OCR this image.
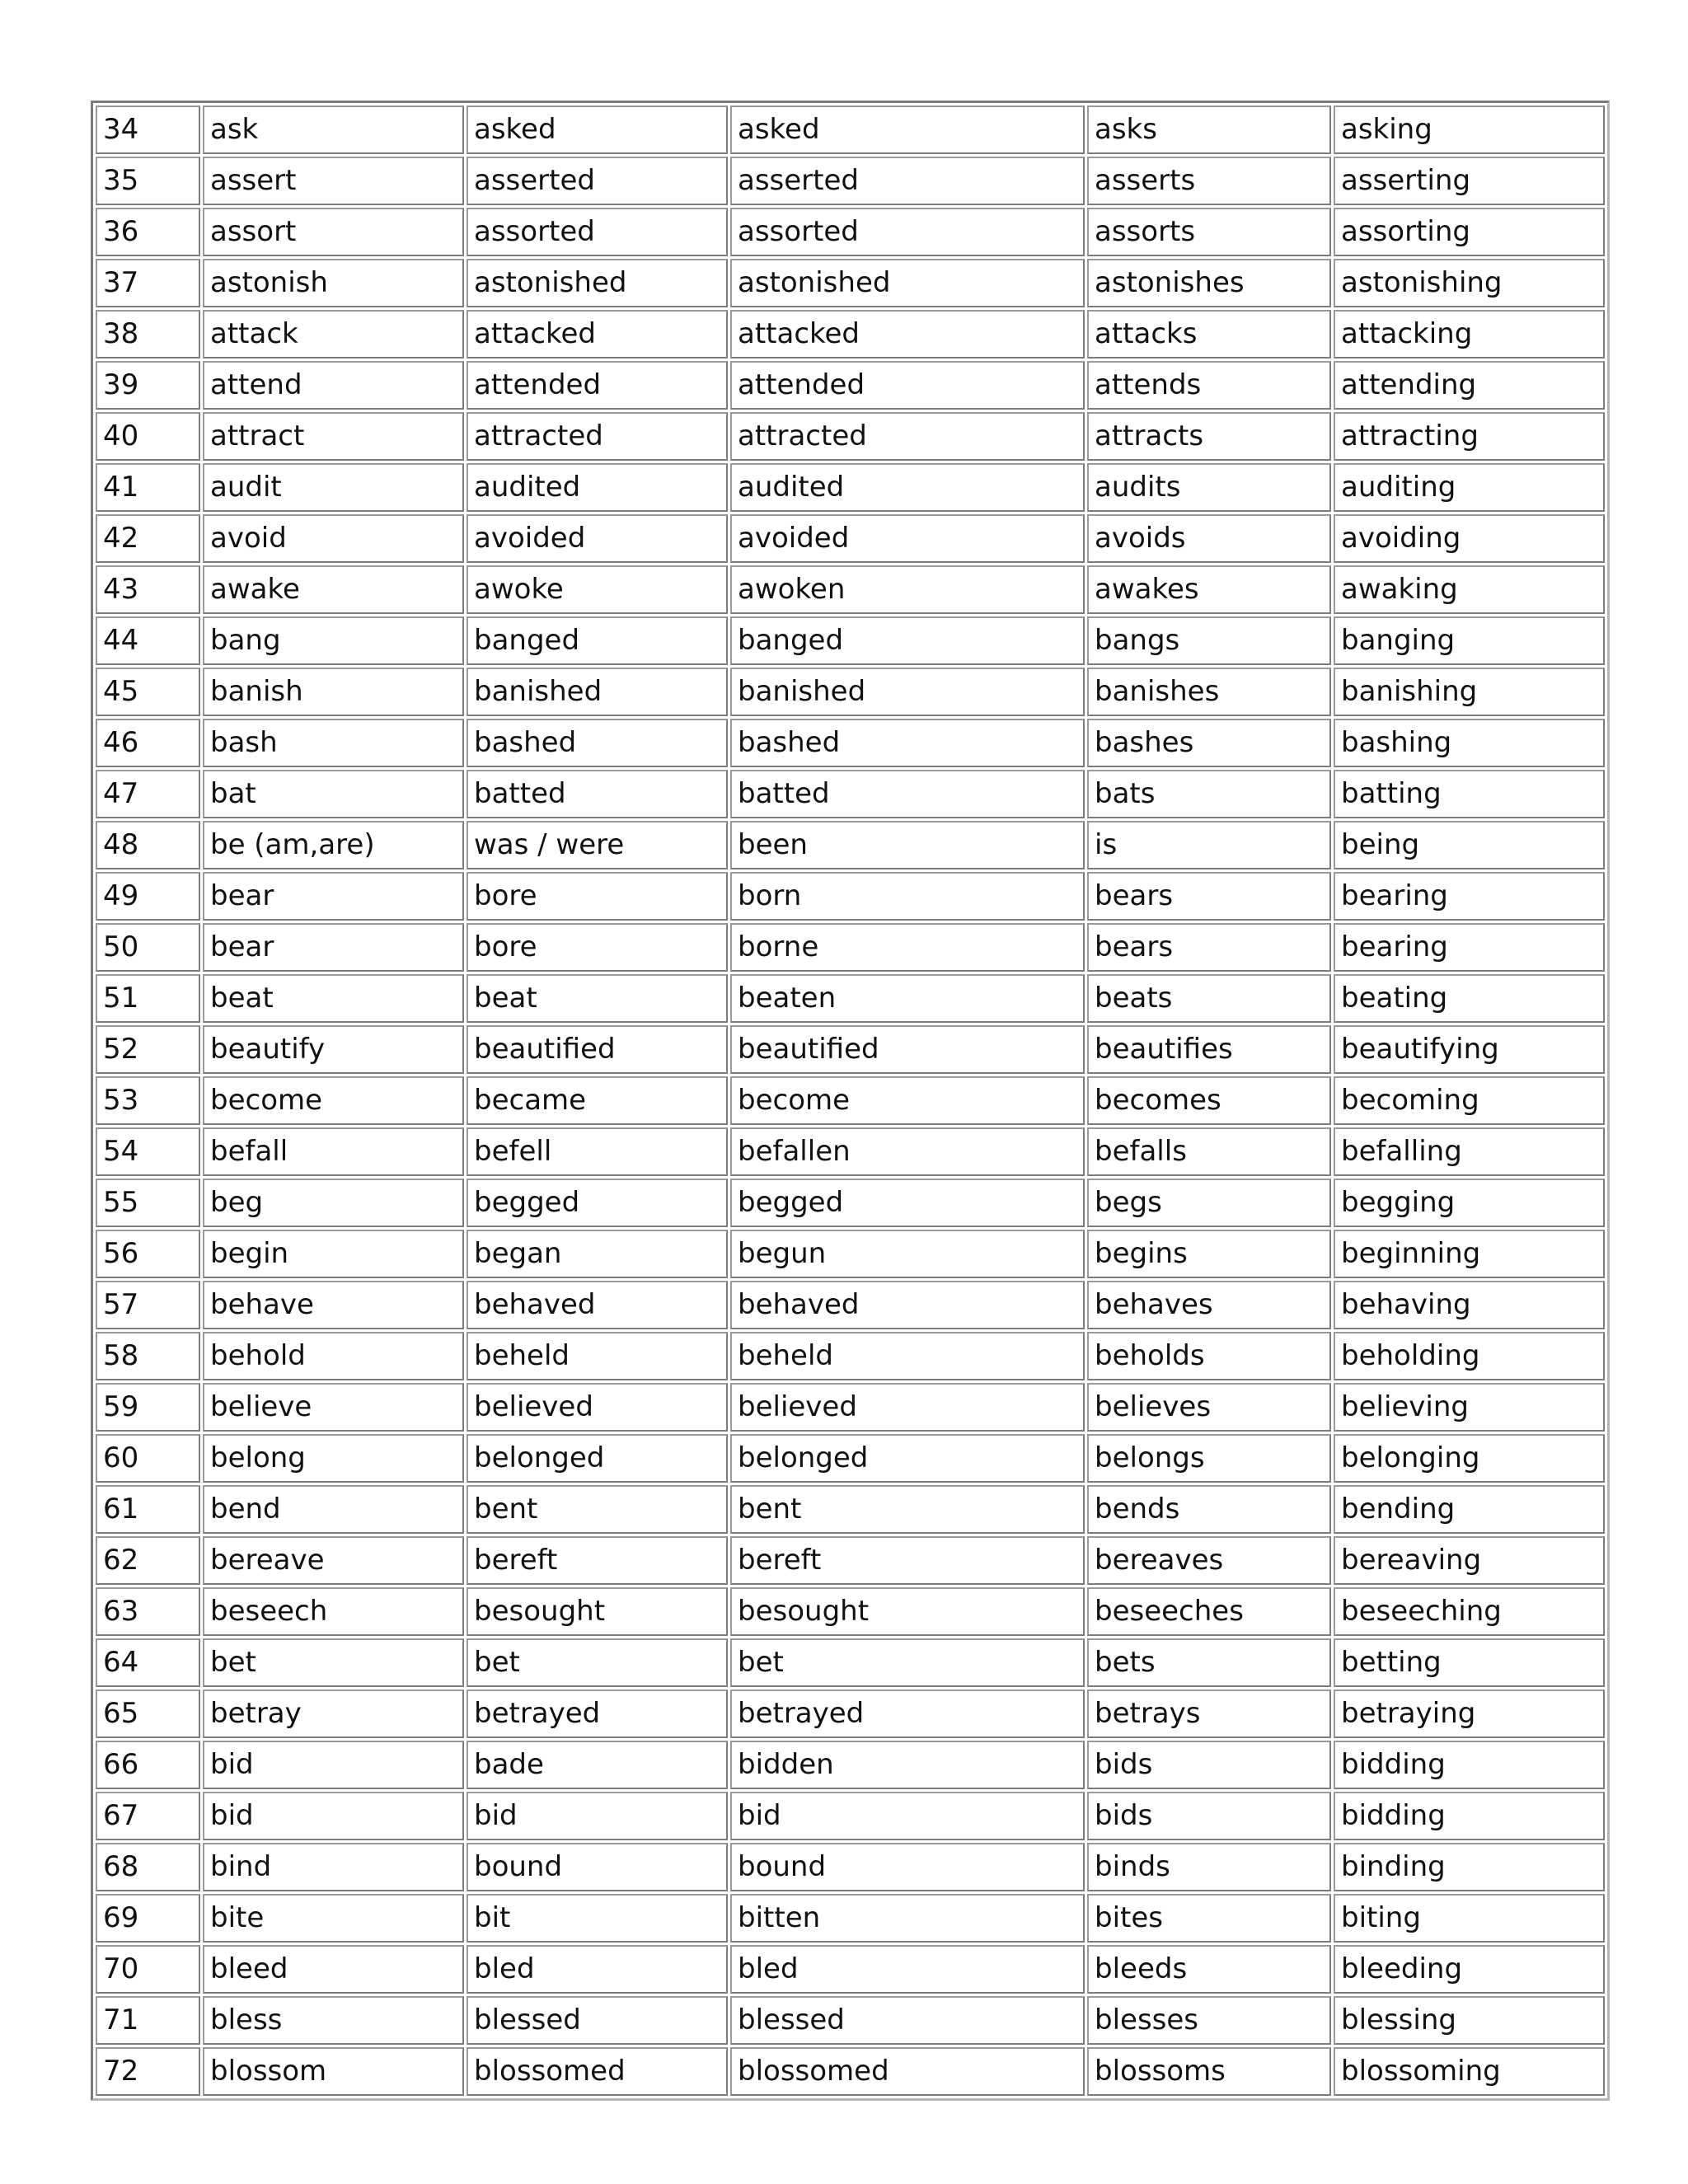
34	ask	asked	asked	asks	asking
35	assert	asserted	asserted	asserts	asserting
36	assort	assorted	assorted	assorts	assorting
37	astonish	astonished	astonished	astonishes	astonishing
38	attack	attacked	attacked	attacks	attacking
39	attend	attended	attended	attends	attending
40	attract	attracted	attracted	attracts	attracting
41	audit	audited	audited	audits	auditing
42	avoid	avoided	avoided	avoids	avoiding
43	awake	awoke	awoken	awakes	awaking
44	bang	banged	banged	bangs	banging
45	banish	banished	banished	banishes	banishing
46	bash	bashed	bashed	bashes	bashing
47	bat	batted	batted	bats	batting
48	be (am,are)	was / were	been	is	being
49	bear	bore	born	bears	bearing
50	bear	bore	borne	bears	bearing
51	beat	beat	beaten	beats	beating
52	beautify	beautified	beautified	beautifies	beautifying
53	become	became	become	becomes	becoming
54	befall	befell	befallen	befalls	befalling
55	beg	begged	begged	begs	begging
56	begin	began	begun	begins	beginning
57	behave	behaved	behaved	behaves	behaving
58	behold	beheld	beheld	beholds	beholding
59	believe	believed	believed	believes	believing
60	belong	belonged	belonged	belongs	belonging
61	bend	bent	bent	bends	bending
62	bereave	bereft	bereft	bereaves	bereaving
63	beseech	besought	besought	beseeches	beseeching
64	bet	bet	bet	bets	betting
65	betray	betrayed	betrayed	betrays	betraying
66	bid	bade	bidden	bids	bidding
67	bid	bid	bid	bids	bidding
68	bind	bound	bound	binds	binding
69	bite	bit	bitten	bites	biting
70	bleed	bled	bled	bleeds	bleeding
71	bless	blessed	blessed	blesses	blessing
72	blossom	blossomed	blossomed	blossoms	blossoming
